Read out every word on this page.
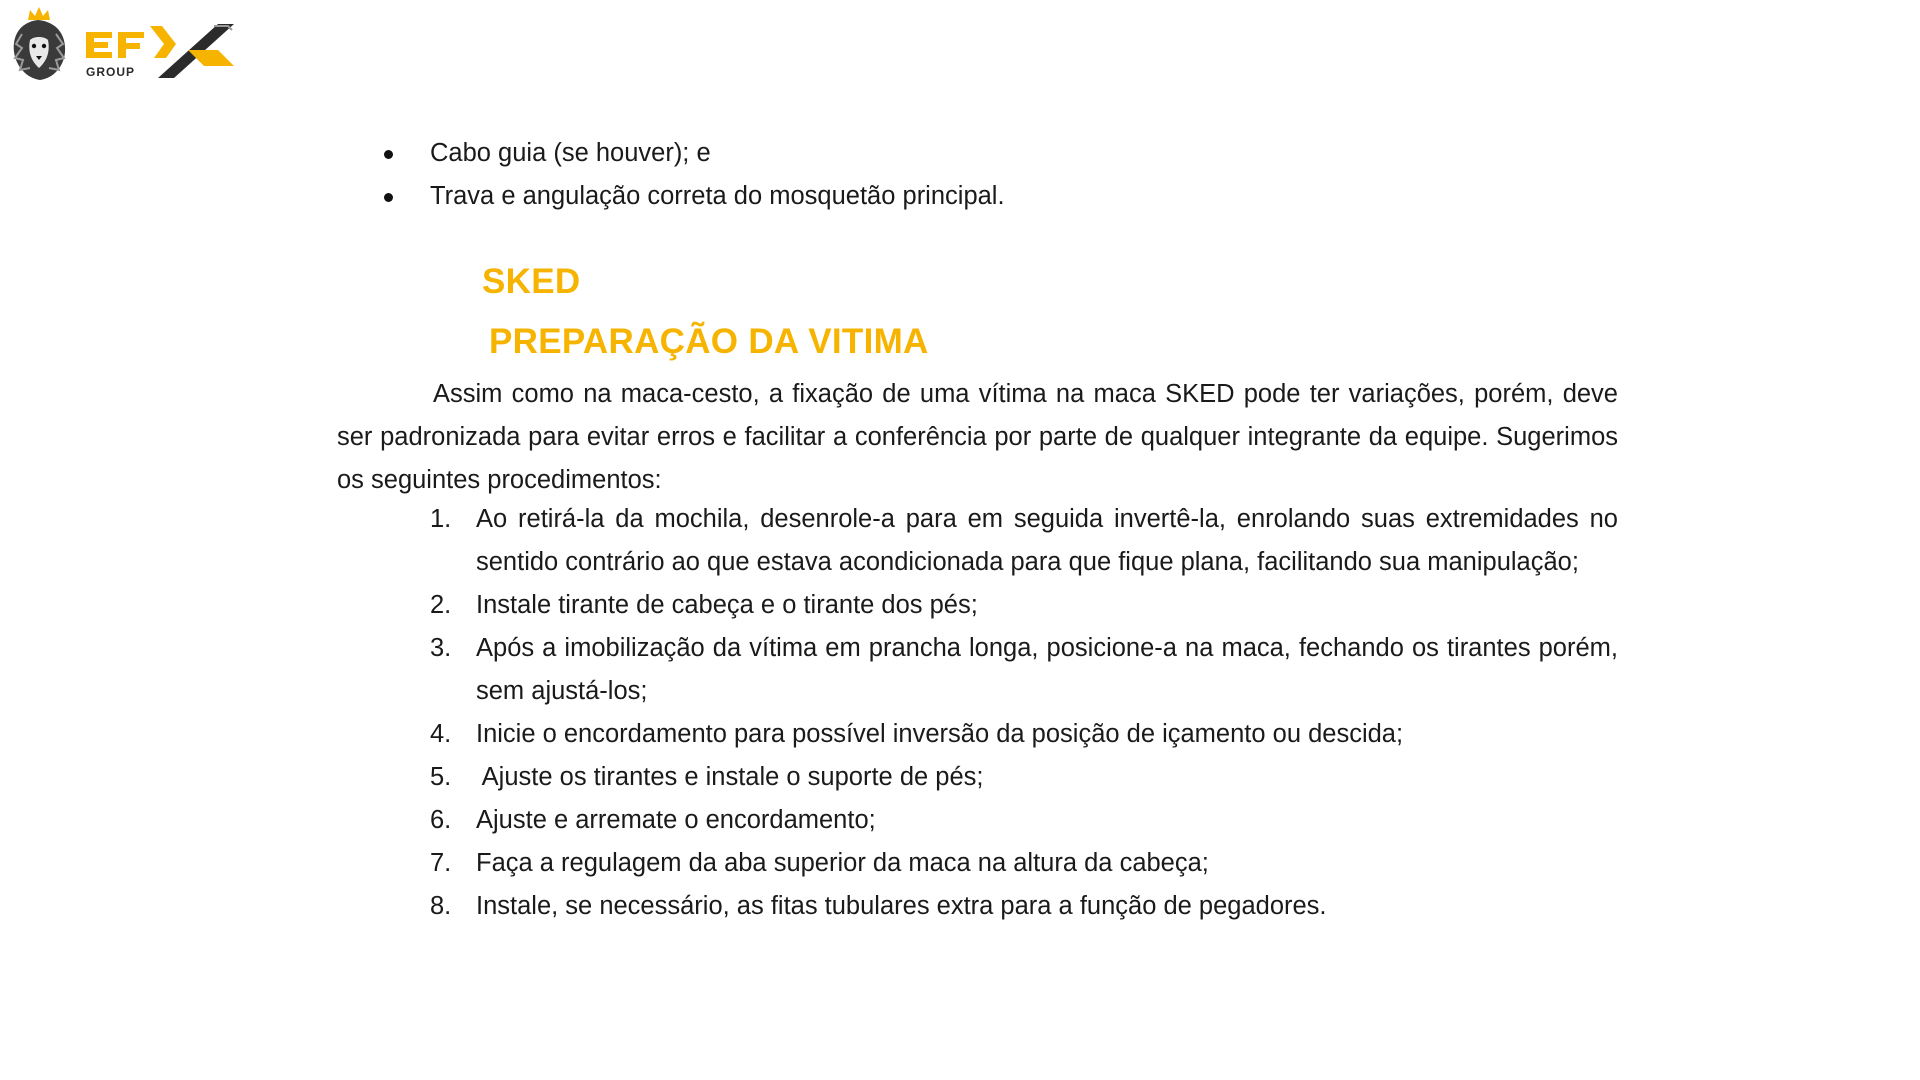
GROUP
Cabo guia (se houver); e
Trava e angulação correta do mosquetão principal.
SKED
PREPARAÇÃO DA VITIMA

Assim como na maca-cesto, a fixação de uma vítima na maca SKED pode ter variações, porém, deve ser padronizada para evitar erros e facilitar a conferência por parte de qualquer integrante da equipe. Sugerimos os seguintes procedimentos:

1. Ao retirá-la da mochila, desenrole-a para em seguida invertê-la, enrolando suas extremidades no sentido contrário ao que estava acondicionada para que fique plana, facilitando sua manipulação;
2. Instale tirante de cabeça e o tirante dos pés;
3. Após a imobilização da vítima em prancha longa, posicione-a na maca, fechando os tirantes porém, sem ajustá-los;
4. Inicie o encordamento para possível inversão da posição de içamento ou descida;
5. Ajuste os tirantes e instale o suporte de pés;
6. Ajuste e arremate o encordamento;
7. Faça a regulagem da aba superior da maca na altura da cabeça;
8. Instale, se necessário, as fitas tubulares extra para a função de pegadores.
